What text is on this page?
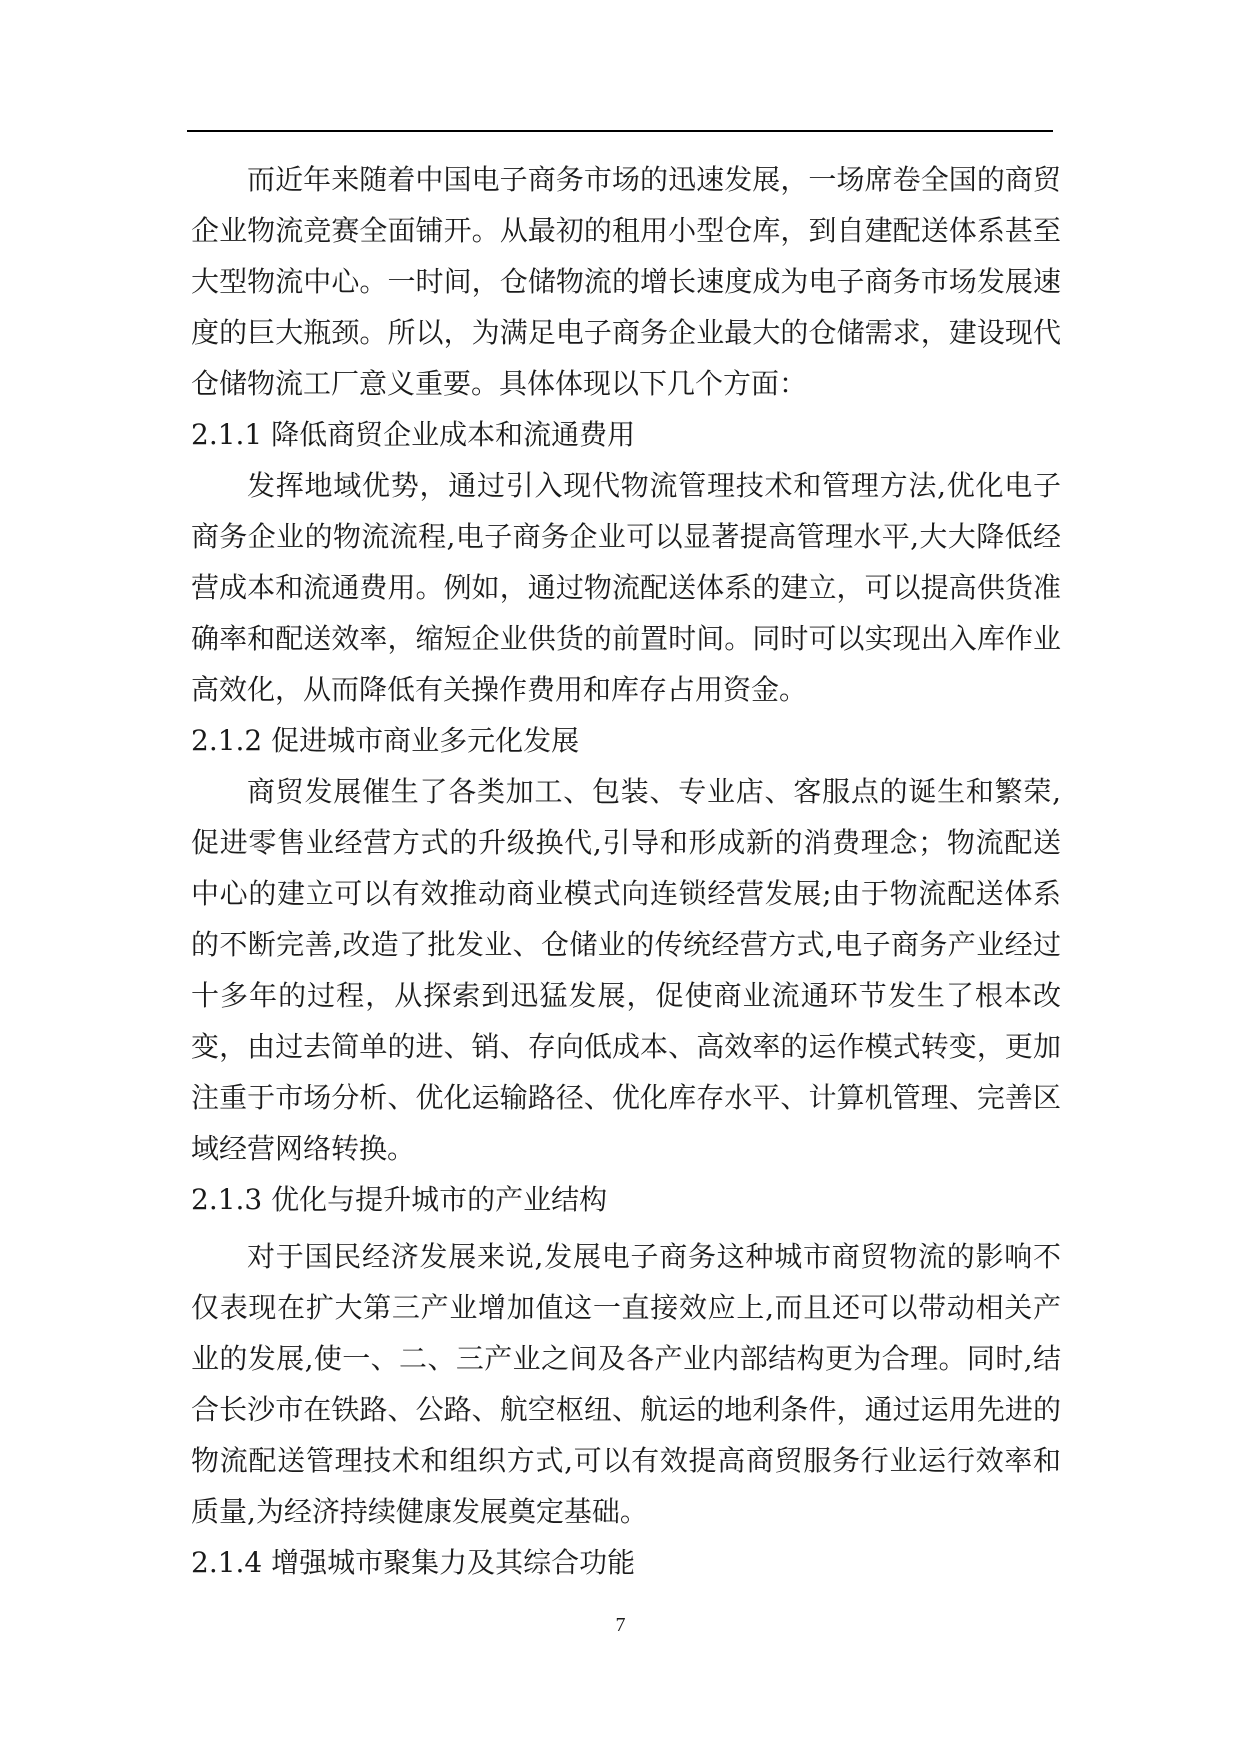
而近年来随着中国电子商务市场的迅速发展，一场席卷全国的商贸企业物流竞赛全面铺开。从最初的租用小型仓库，到自建配送体系甚至大型物流中心。一时间，仓储物流的增长速度成为电子商务市场发展速度的巨大瓶颈。所以，为满足电子商务企业最大的仓储需求，建设现代仓储物流工厂意义重要。具体体现以下几个方面：

2.1.1 降低商贸企业成本和流通费用

发挥地域优势，通过引入现代物流管理技术和管理方法,优化电子商务企业的物流流程,电子商务企业可以显著提高管理水平,大大降低经营成本和流通费用。例如，通过物流配送体系的建立，可以提高供货准确率和配送效率，缩短企业供货的前置时间。同时可以实现出入库作业高效化，从而降低有关操作费用和库存占用资金。

2.1.2 促进城市商业多元化发展

商贸发展催生了各类加工、包装、专业店、客服点的诞生和繁荣,促进零售业经营方式的升级换代,引导和形成新的消费理念；物流配送中心的建立可以有效推动商业模式向连锁经营发展;由于物流配送体系的不断完善,改造了批发业、仓储业的传统经营方式,电子商务产业经过十多年的过程，从探索到迅猛发展，促使商业流通环节发生了根本改变，由过去简单的进、销、存向低成本、高效率的运作模式转变，更加注重于市场分析、优化运输路径、优化库存水平、计算机管理、完善区域经营网络转换。

2.1.3 优化与提升城市的产业结构

对于国民经济发展来说,发展电子商务这种城市商贸物流的影响不仅表现在扩大第三产业增加值这一直接效应上,而且还可以带动相关产业的发展,使一、二、三产业之间及各产业内部结构更为合理。同时,结合长沙市在铁路、公路、航空枢纽、航运的地利条件，通过运用先进的物流配送管理技术和组织方式,可以有效提高商贸服务行业运行效率和质量,为经济持续健康发展奠定基础。

2.1.4 增强城市聚集力及其综合功能

7
